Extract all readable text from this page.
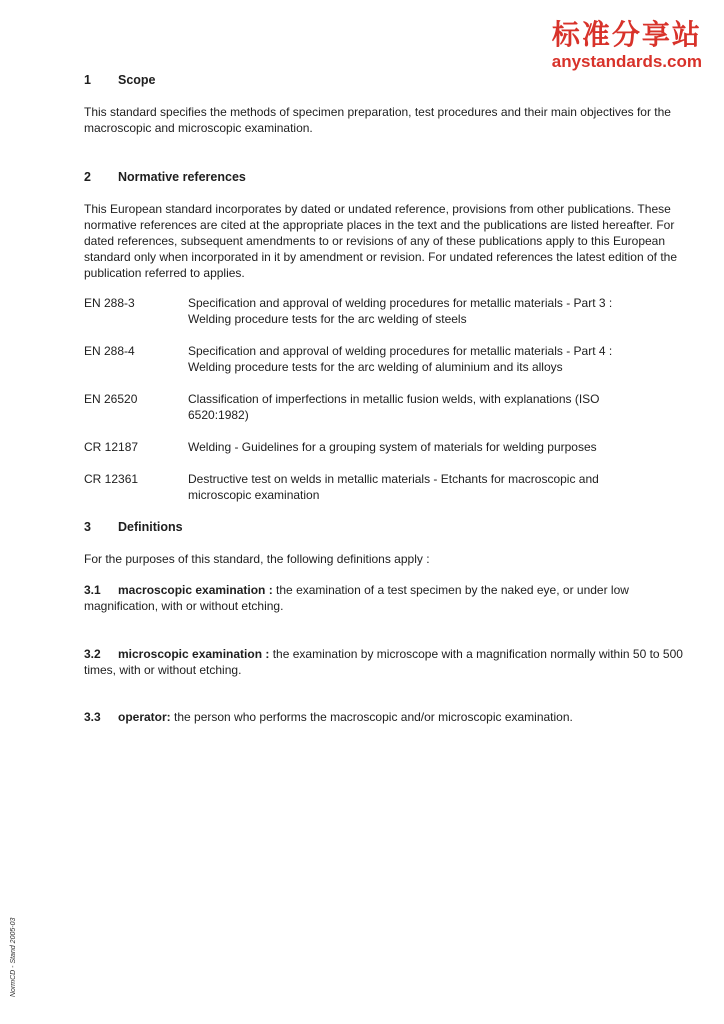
标准分享站
anystandards.com
1	Scope

This standard specifies the methods of specimen preparation, test procedures and their main objectives for the macroscopic and microscopic examination.

2	Normative references

This European standard incorporates by dated or undated reference, provisions from other publications. These normative references are cited at the appropriate places in the text and the publications are listed hereafter. For dated references, subsequent amendments to or revisions of any of these publications apply to this European standard only when incorporated in it by amendment or revision. For undated references the latest edition of the publication referred to applies.

EN 288-3	Specification and approval of welding procedures for metallic materials - Part 3 : Welding procedure tests for the arc welding of steels
EN 288-4	Specification and approval of welding procedures for metallic materials - Part 4 : Welding procedure tests for the arc welding of aluminium and its alloys
EN 26520	Classification of imperfections in metallic fusion welds, with explanations (ISO 6520:1982)
CR 12187	Welding - Guidelines for a grouping system of materials for welding purposes
CR 12361	Destructive test on welds in metallic materials - Etchants for macroscopic and microscopic examination
3	Definitions

For the purposes of this standard, the following definitions apply :

3.1 macroscopic examination : the examination of a test specimen by the naked eye, or under low magnification, with or without etching.

3.2 microscopic examination : the examination by microscope with a magnification normally within 50 to 500 times, with or without etching.

3.3 operator: the person who performs the macroscopic and/or microscopic examination.

NormCD - Stand 2005-03
